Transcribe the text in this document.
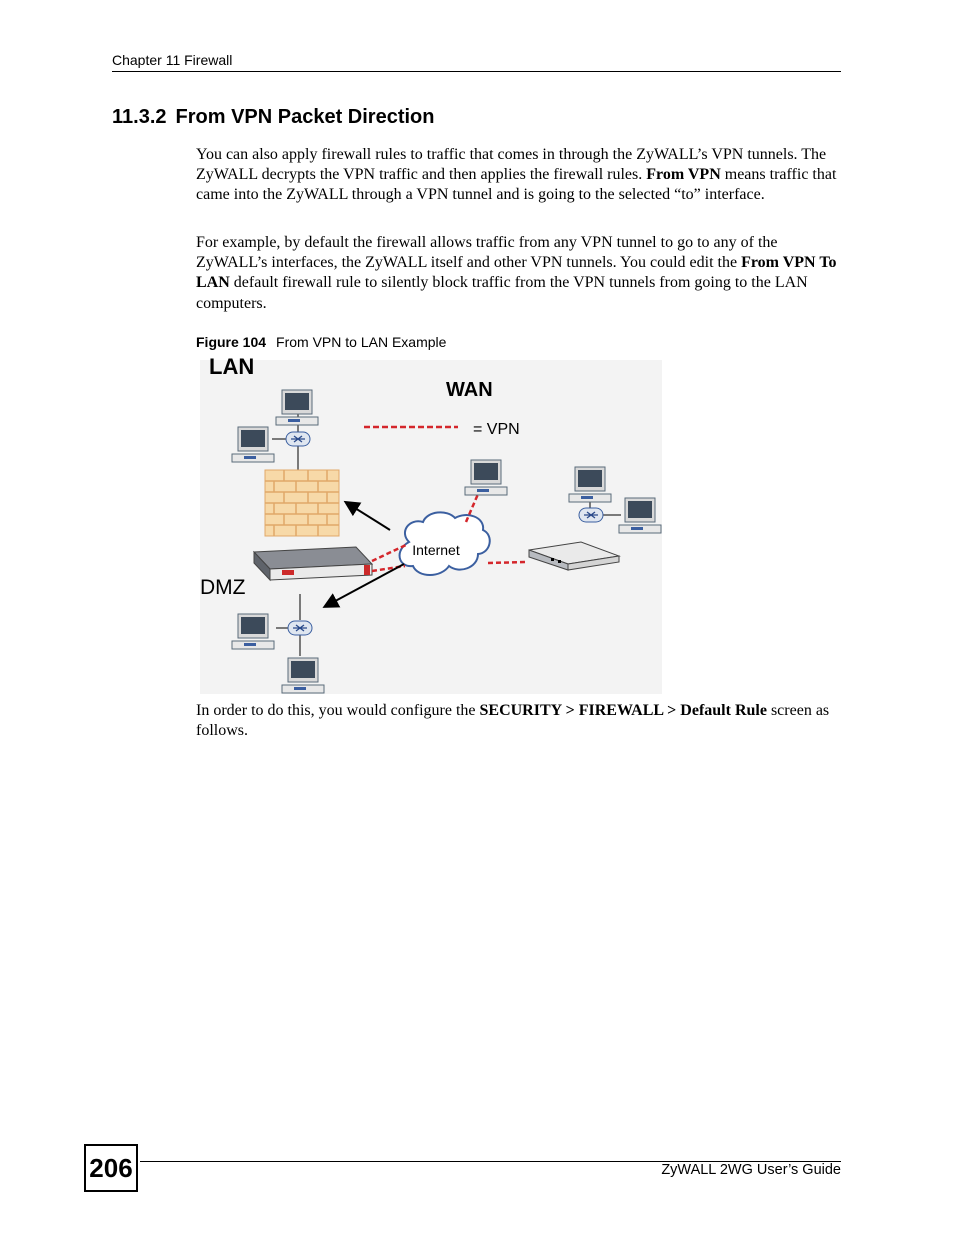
Chapter 11 Firewall
11.3.2 From VPN Packet Direction
You can also apply firewall rules to traffic that comes in through the ZyWALL’s VPN tunnels. The ZyWALL decrypts the VPN traffic and then applies the firewall rules. From VPN means traffic that came into the ZyWALL through a VPN tunnel and is going to the selected “to” interface.
For example, by default the firewall allows traffic from any VPN tunnel to go to any of the ZyWALL’s interfaces, the ZyWALL itself and other VPN tunnels. You could edit the From VPN To LAN default firewall rule to silently block traffic from the VPN tunnels from going to the LAN computers.
Figure 104 From VPN to LAN Example
LAN
WAN
DMZ
= VPN
Internet
In order to do this, you would configure the SECURITY > FIREWALL > Default Rule screen as follows.
206	ZyWALL 2WG User’s Guide
